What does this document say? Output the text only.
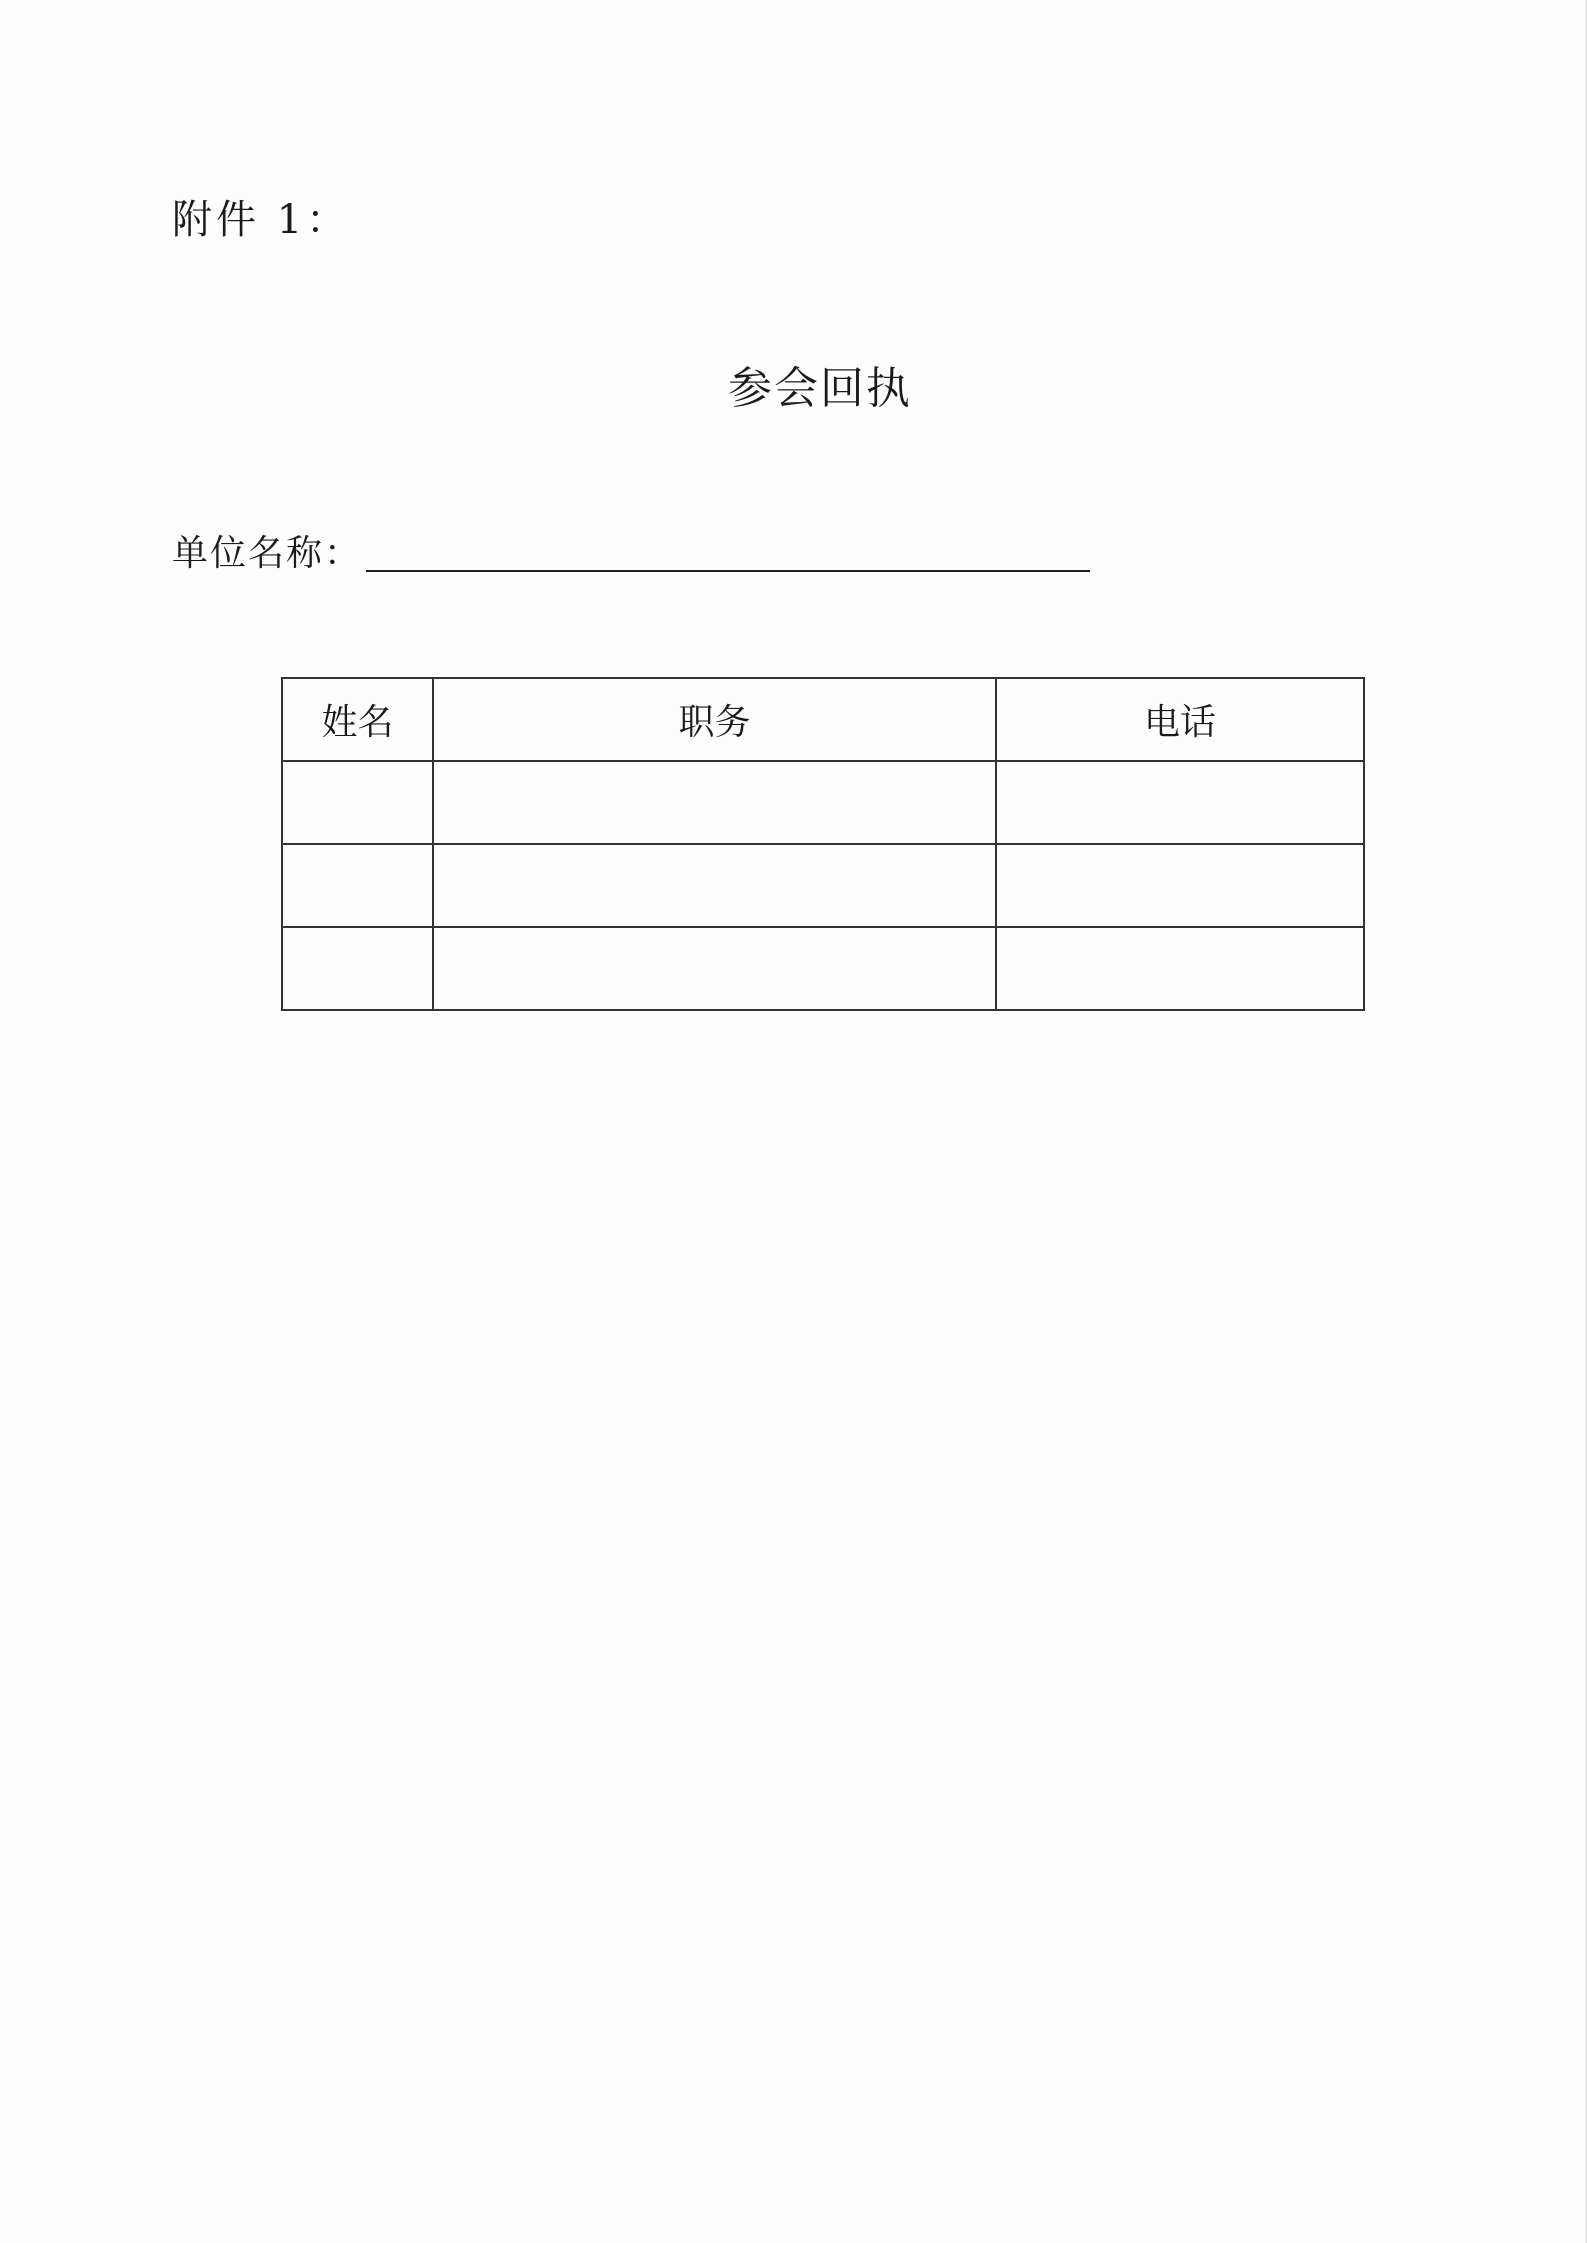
附件 1：
参会回执
单位名称：
姓名	职务	电话
